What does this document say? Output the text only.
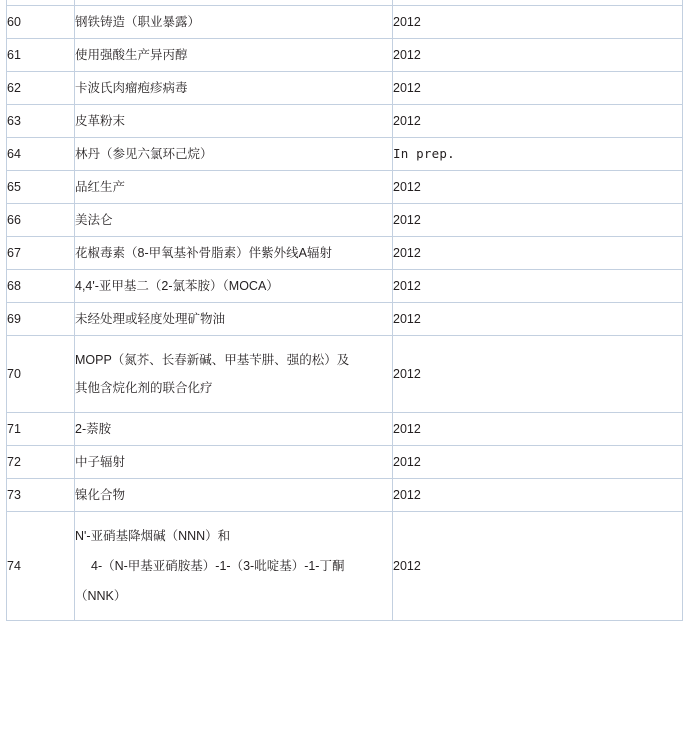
60	钢铁铸造（职业暴露）	2012
61	使用强酸生产异丙醇	2012
62	卡波氏肉瘤疱疹病毒	2012
63	皮革粉末	2012
64	林丹（参见六氯环己烷）	In prep.
65	品红生产	2012
66	美法仑	2012
67	花椒毒素（8-甲氧基补骨脂素）伴紫外线A辐射	2012
68	4,4'-亚甲基二（2-氯苯胺）（MOCA）	2012
69	未经处理或轻度处理矿物油	2012
70	MOPP（氮芥、长春新碱、甲基苄肼、强的松）及
其他含烷化剂的联合化疗	2012
71	2-萘胺	2012
72	中子辐射	2012
73	镍化合物	2012
74	N'-亚硝基降烟碱（NNN）和
4-（N-甲基亚硝胺基）-1-（3-吡啶基）-1-丁酮
（NNK）	2012
